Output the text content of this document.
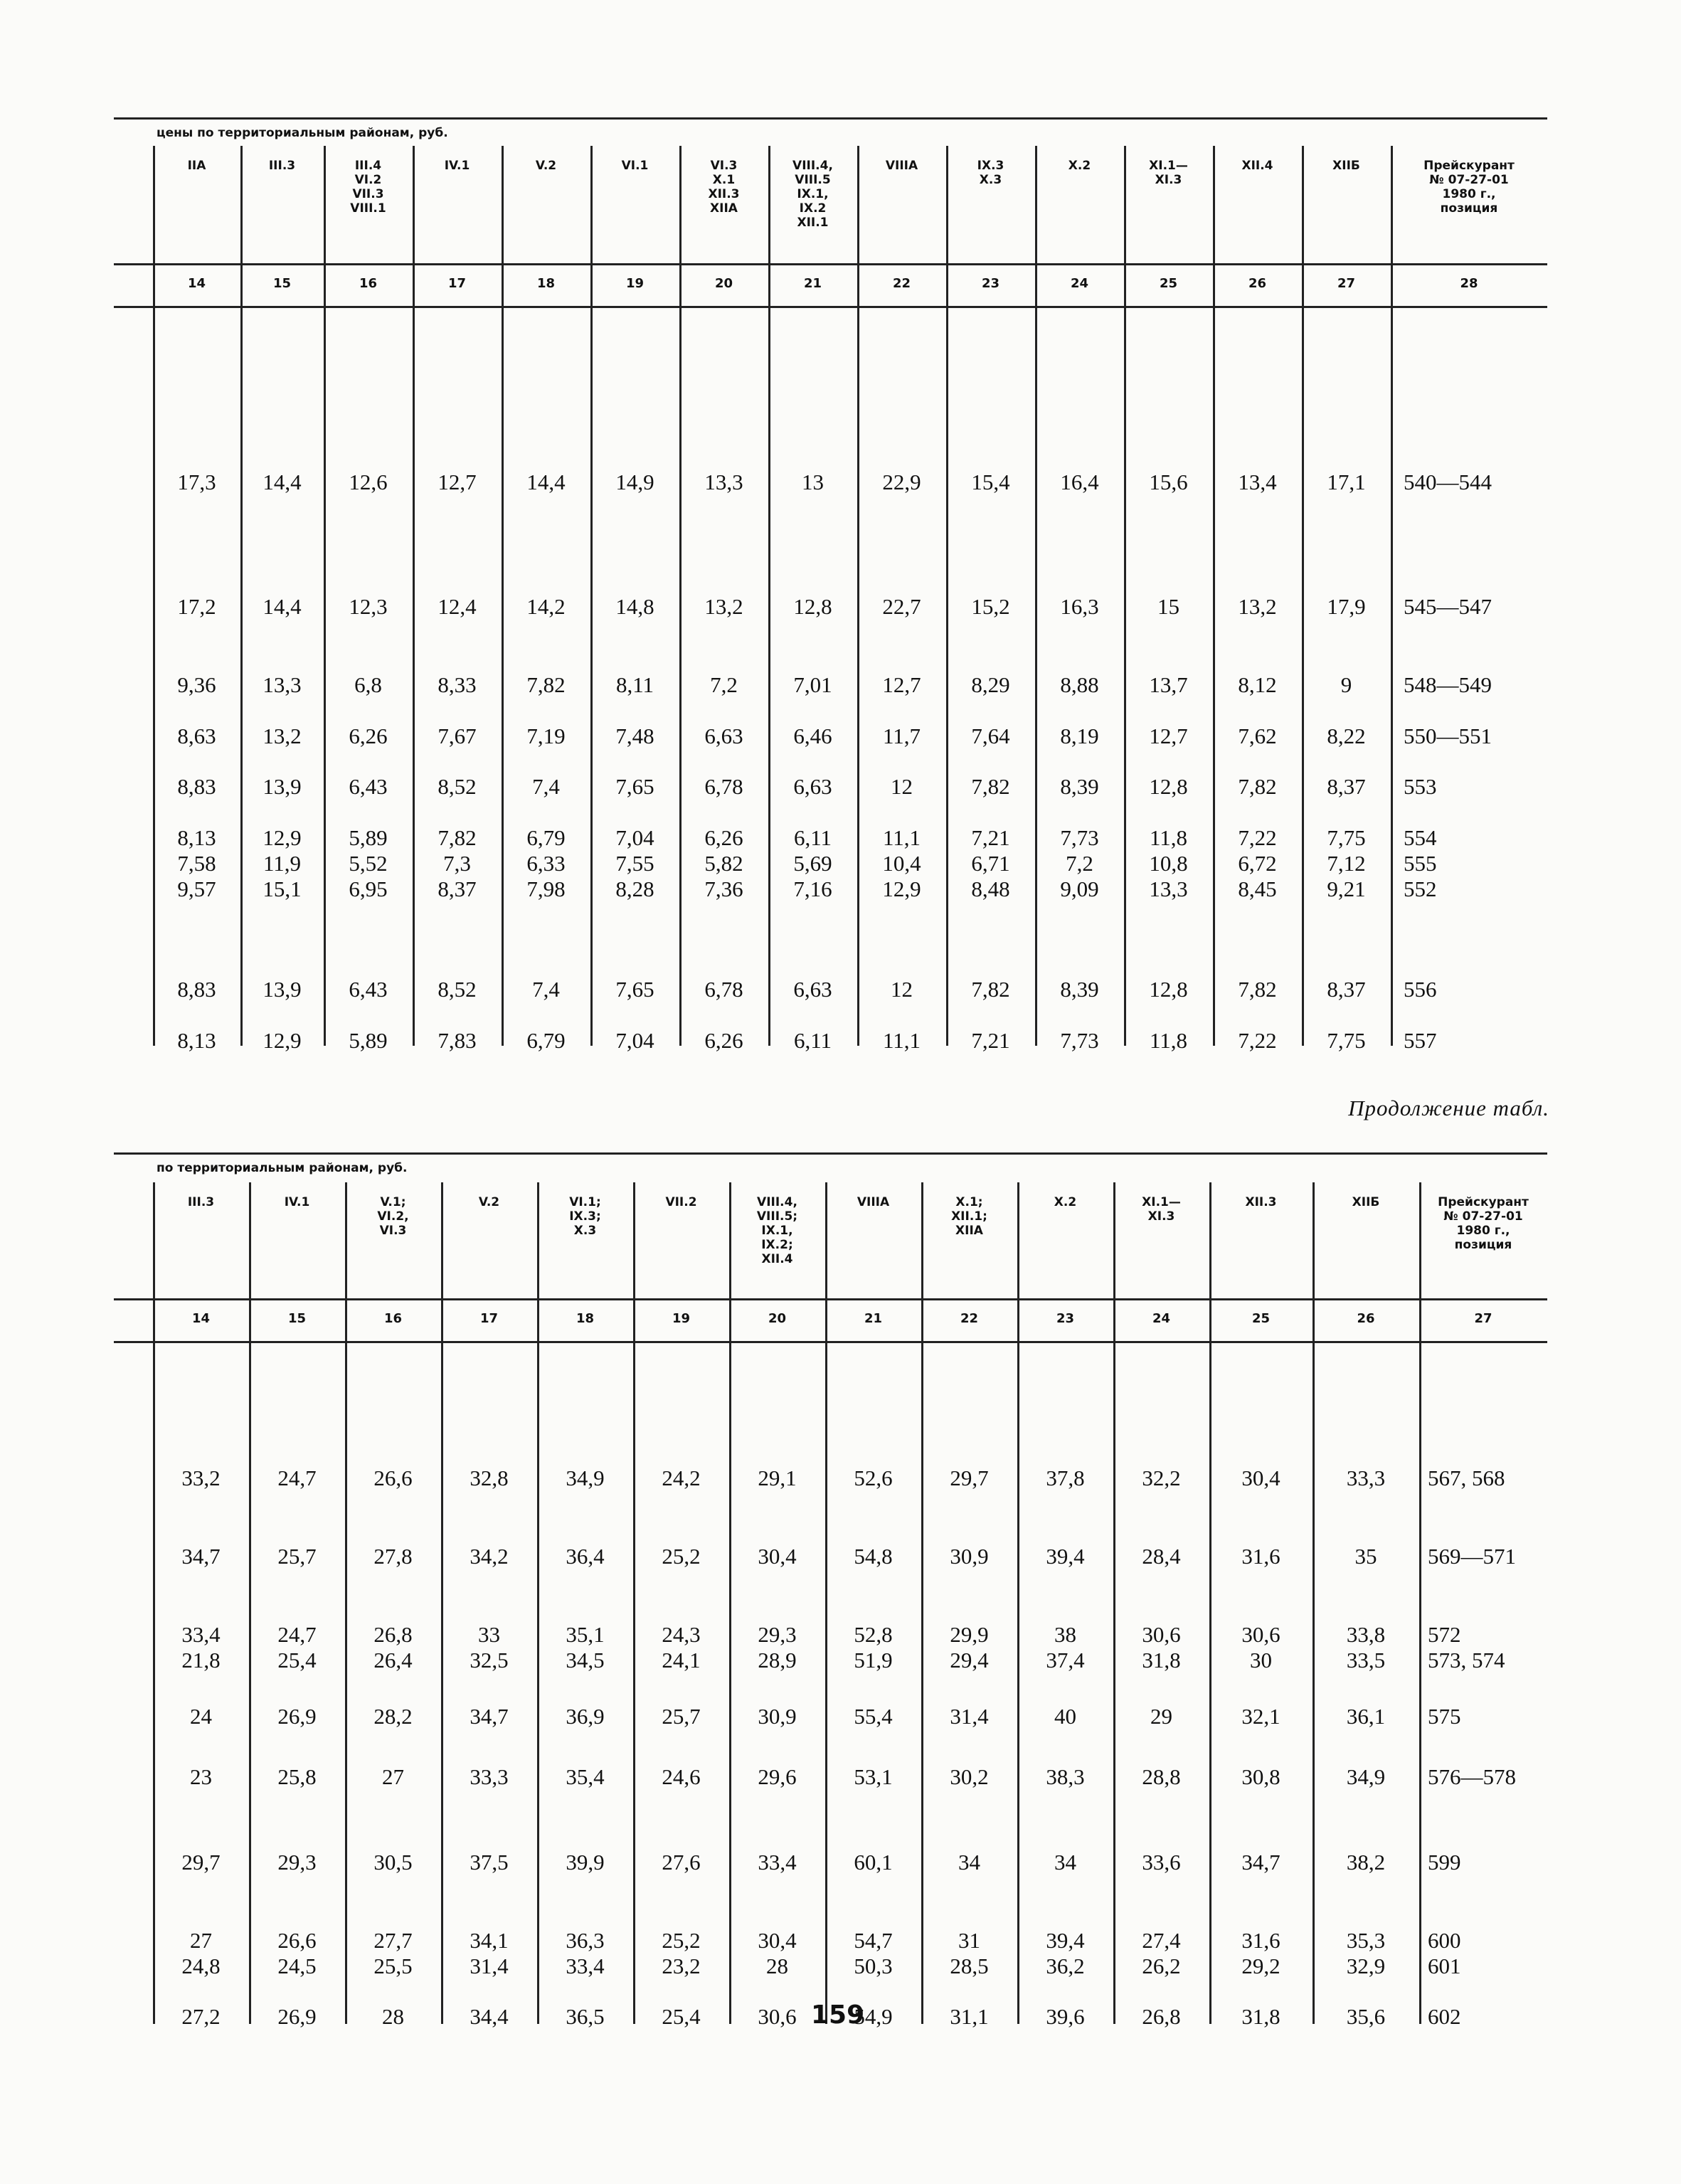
цены по территориальным районам, руб.
IIА
14
17,3
17,2
9,36
8,63
8,83
8,13
7,58
9,57
8,83
8,13
III.3
15
14,4
14,4
13,3
13,2
13,9
12,9
11,9
15,1
13,9
12,9
III.4
VI.2
VII.3
VIII.1
16
12,6
12,3
6,8
6,26
6,43
5,89
5,52
6,95
6,43
5,89
IV.1
17
12,7
12,4
8,33
7,67
8,52
7,82
7,3
8,37
8,52
7,83
V.2
18
14,4
14,2
7,82
7,19
7,4
6,79
6,33
7,98
7,4
6,79
VI.1
19
14,9
14,8
8,11
7,48
7,65
7,04
7,55
8,28
7,65
7,04
VI.3
X.1
XII.3
XIIА
20
13,3
13,2
7,2
6,63
6,78
6,26
5,82
7,36
6,78
6,26
VIII.4,
VIII.5
IX.1,
IX.2
XII.1
21
13
12,8
7,01
6,46
6,63
6,11
5,69
7,16
6,63
6,11
VIIIА
22
22,9
22,7
12,7
11,7
12
11,1
10,4
12,9
12
11,1
IX.3
X.3
23
15,4
15,2
8,29
7,64
7,82
7,21
6,71
8,48
7,82
7,21
X.2
24
16,4
16,3
8,88
8,19
8,39
7,73
7,2
9,09
8,39
7,73
XI.1—
XI.3
25
15,6
15
13,7
12,7
12,8
11,8
10,8
13,3
12,8
11,8
XII.4
26
13,4
13,2
8,12
7,62
7,82
7,22
6,72
8,45
7,82
7,22
XIIБ
27
17,1
17,9
9
8,22
8,37
7,75
7,12
9,21
8,37
7,75
Прейскурант
№ 07-27-01
1980 г.,
позиция
28
540—544
545—547
548—549
550—551
553
554
555
552
556
557
Продолжение табл.
по территориальным районам, руб.
III.3
14
33,2
34,7
33,4
21,8
24
23
29,7
27
24,8
27,2
IV.1
15
24,7
25,7
24,7
25,4
26,9
25,8
29,3
26,6
24,5
26,9
V.1;
VI.2,
VI.3
16
26,6
27,8
26,8
26,4
28,2
27
30,5
27,7
25,5
28
V.2
17
32,8
34,2
33
32,5
34,7
33,3
37,5
34,1
31,4
34,4
VI.1;
IX.3;
X.3
18
34,9
36,4
35,1
34,5
36,9
35,4
39,9
36,3
33,4
36,5
VII.2
19
24,2
25,2
24,3
24,1
25,7
24,6
27,6
25,2
23,2
25,4
VIII.4,
VIII.5;
IX.1,
IX.2;
XII.4
20
29,1
30,4
29,3
28,9
30,9
29,6
33,4
30,4
28
30,6
VIIIА
21
52,6
54,8
52,8
51,9
55,4
53,1
60,1
54,7
50,3
54,9
X.1;
XII.1;
XIIА
22
29,7
30,9
29,9
29,4
31,4
30,2
34
31
28,5
31,1
X.2
23
37,8
39,4
38
37,4
40
38,3
34
39,4
36,2
39,6
XI.1—
XI.3
24
32,2
28,4
30,6
31,8
29
28,8
33,6
27,4
26,2
26,8
XII.3
25
30,4
31,6
30,6
30
32,1
30,8
34,7
31,6
29,2
31,8
XIIБ
26
33,3
35
33,8
33,5
36,1
34,9
38,2
35,3
32,9
35,6
Прейскурант
№ 07-27-01
1980 г.,
позиция
27
567, 568
569—571
572
573, 574
575
576—578
599
600
601
602
159
